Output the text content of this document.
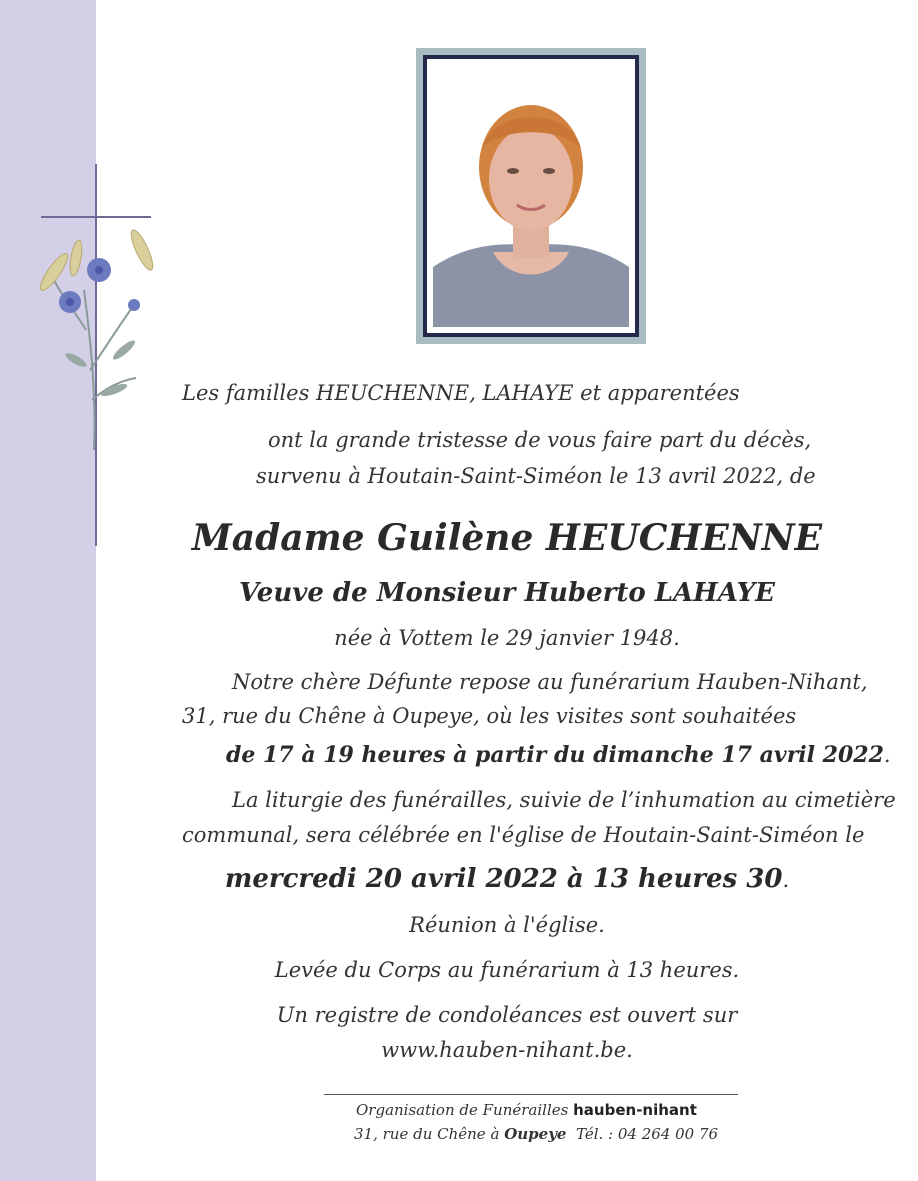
Les familles HEUCHENNE, LAHAYE et apparentées
ont la grande tristesse de vous faire part du décès,
survenu à Houtain-Saint-Siméon le 13 avril 2022, de
Madame Guilène HEUCHENNE
Veuve de Monsieur Huberto LAHAYE
née à Vottem le 29 janvier 1948.
Notre chère Défunte repose au funérarium Hauben-Nihant,
31, rue du Chêne à Oupeye, où les visites sont souhaitées
de 17 à 19 heures à partir du dimanche 17 avril 2022.
La liturgie des funérailles, suivie de l’inhumation au cimetière
communal, sera célébrée en l'église de Houtain-Saint-Siméon le
mercredi 20 avril 2022 à 13 heures 30.
Réunion à l'église.
Levée du Corps au funérarium à 13 heures.
Un registre de condoléances est ouvert sur
www.hauben-nihant.be.
Organisation de Funérailles hauben-nihant
31, rue du Chêne à Oupeye Tél. : 04 264 00 76
